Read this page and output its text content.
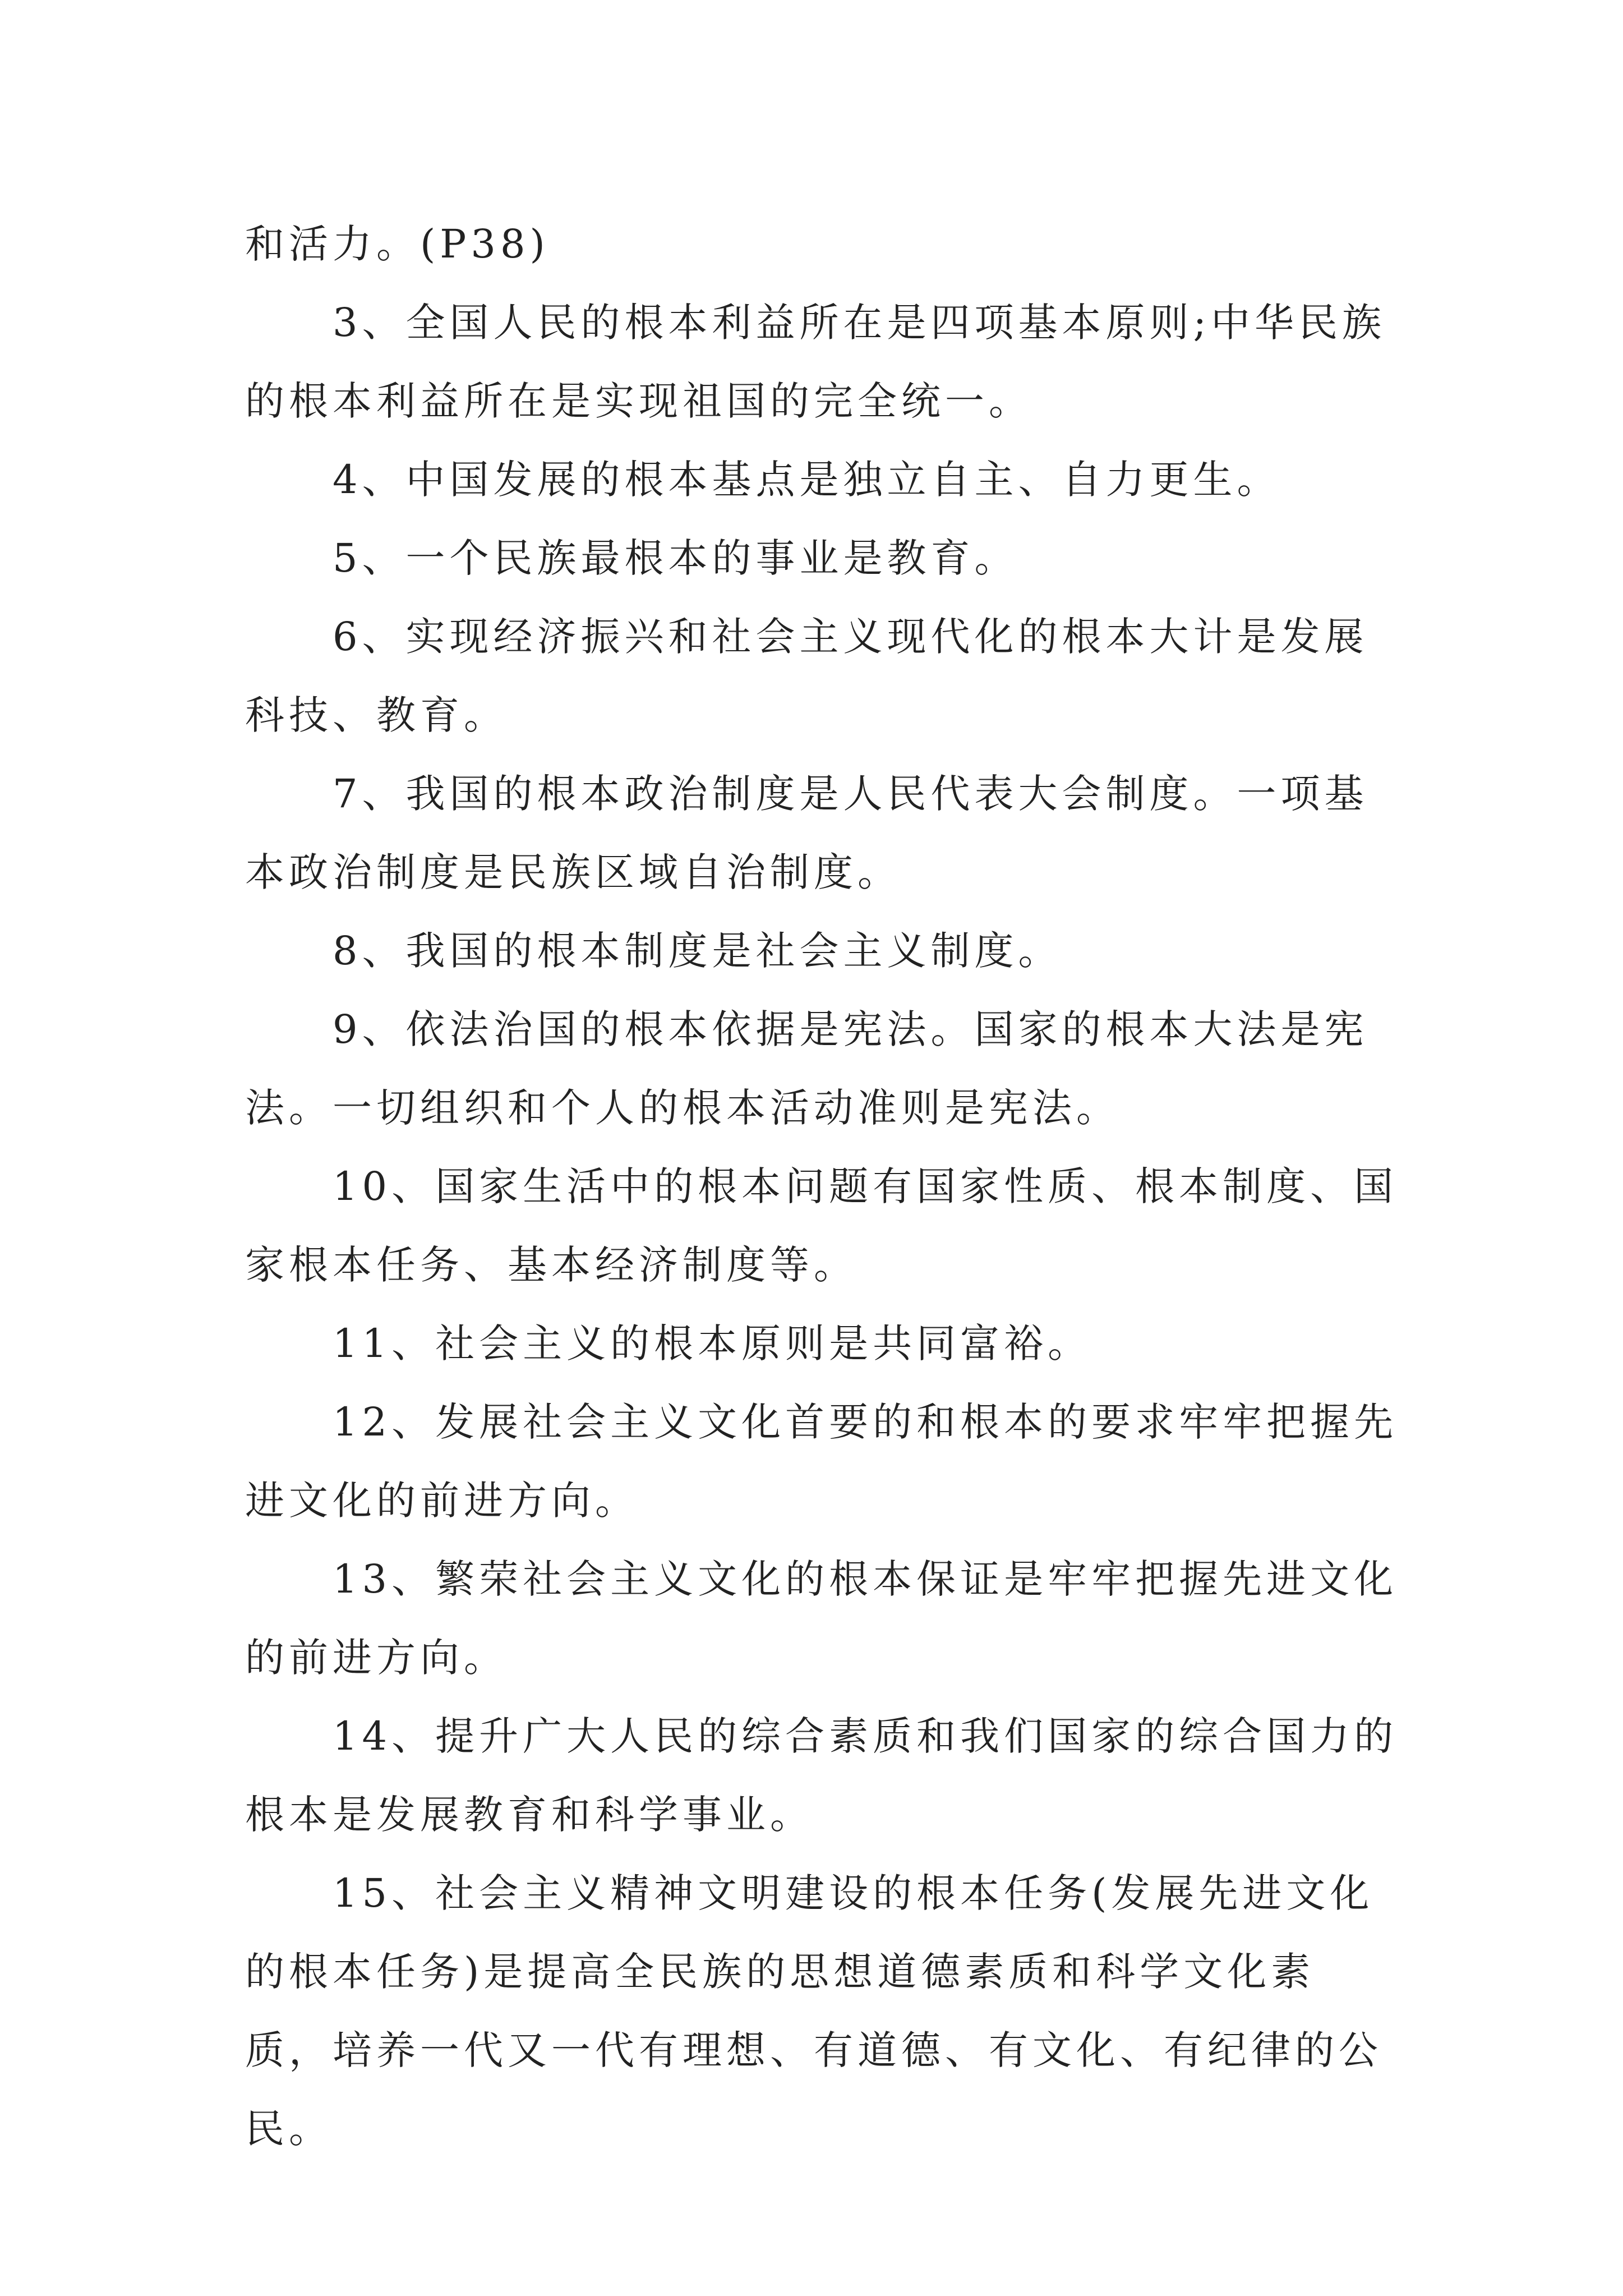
和活力。(P38)

3、全国人民的根本利益所在是四项基本原则;中华民族的根本利益所在是实现祖国的完全统一。

4、中国发展的根本基点是独立自主、自力更生。

5、一个民族最根本的事业是教育。

6、实现经济振兴和社会主义现代化的根本大计是发展科技、教育。

7、我国的根本政治制度是人民代表大会制度。一项基本政治制度是民族区域自治制度。

8、我国的根本制度是社会主义制度。

9、依法治国的根本依据是宪法。国家的根本大法是宪法。一切组织和个人的根本活动准则是宪法。

10、国家生活中的根本问题有国家性质、根本制度、国家根本任务、基本经济制度等。

11、社会主义的根本原则是共同富裕。

12、发展社会主义文化首要的和根本的要求牢牢把握先进文化的前进方向。

13、繁荣社会主义文化的根本保证是牢牢把握先进文化的前进方向。

14、提升广大人民的综合素质和我们国家的综合国力的根本是发展教育和科学事业。

15、社会主义精神文明建设的根本任务(发展先进文化的根本任务)是提高全民族的思想道德素质和科学文化素质，培养一代又一代有理想、有道德、有文化、有纪律的公民。
